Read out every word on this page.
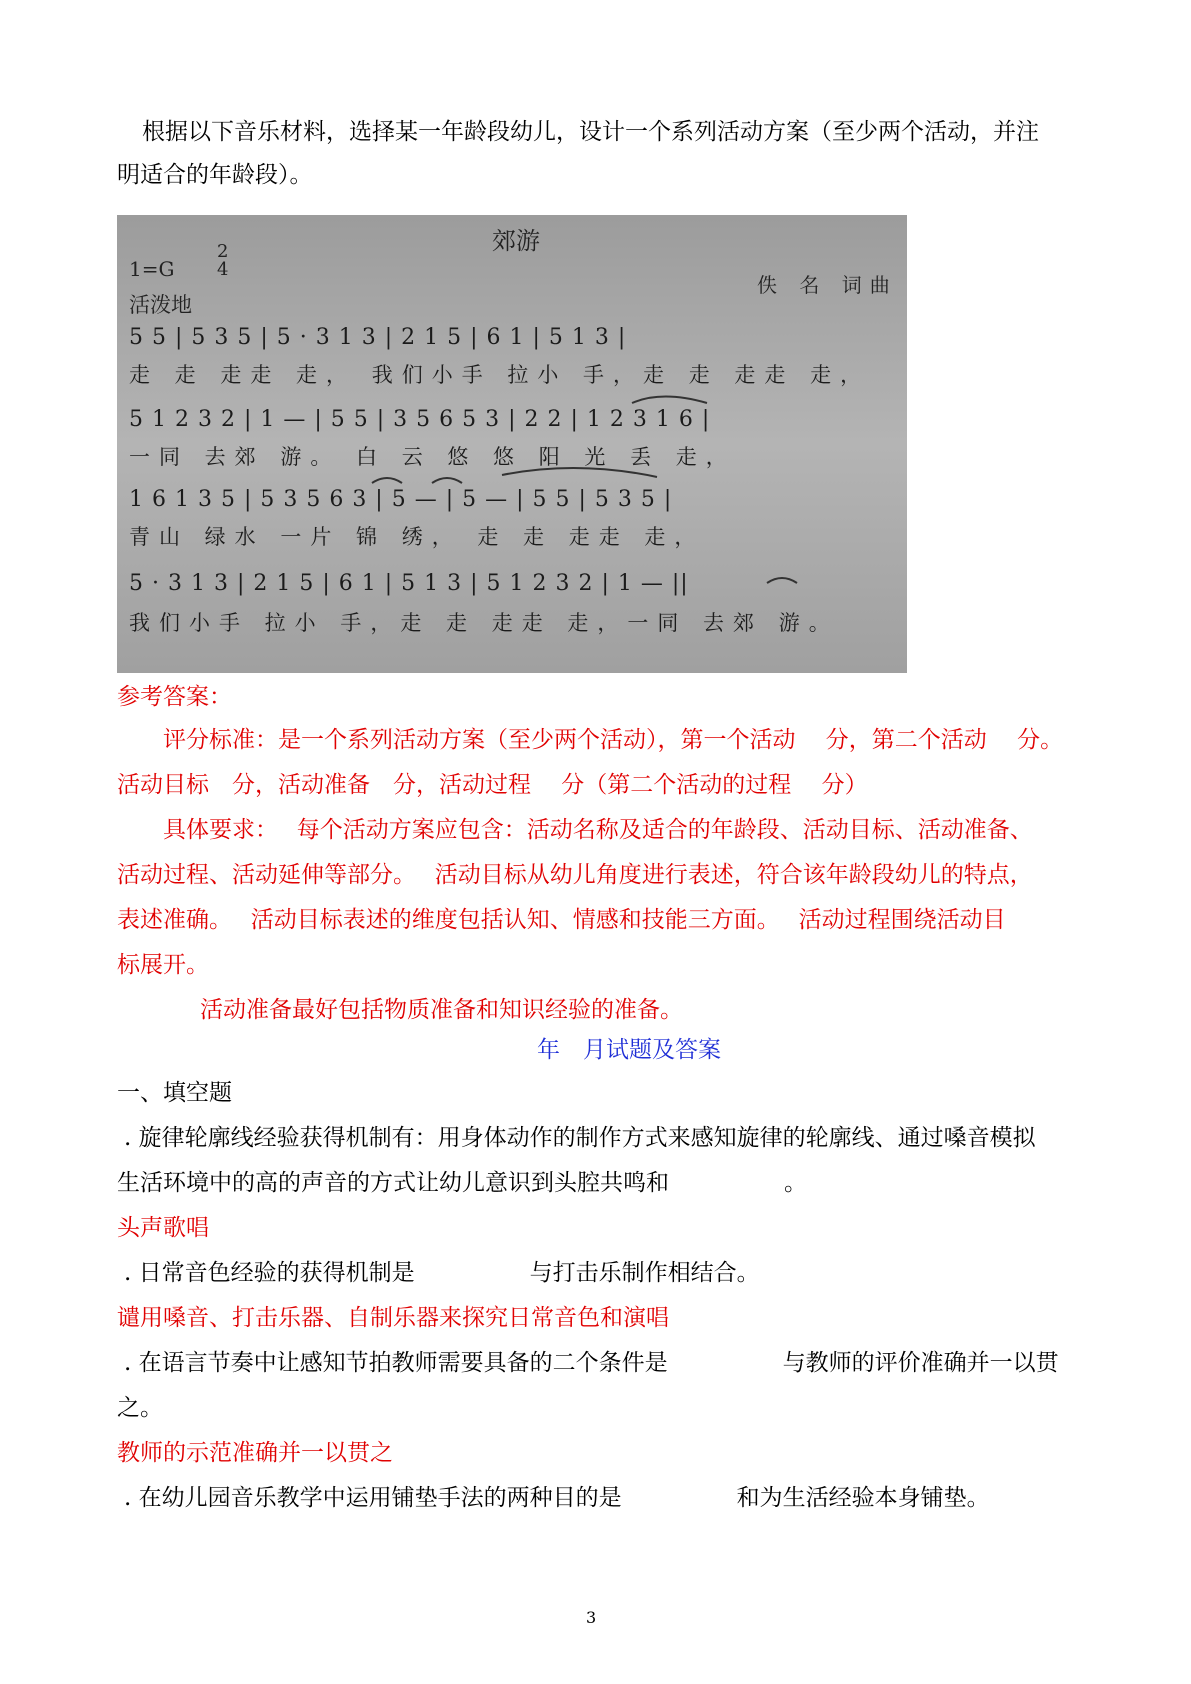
根据以下音乐材料，选择某一年龄段幼儿，设计一个系列活动方案（至少两个活动，并注
明适合的年龄段）。
郊游
1=G
2
4
活泼地
佚 名 词曲
5 5 | 5 3 5 | 5 · 3 1 3 | 2 1 5 | 6 1 | 5 1 3 |
走 走 走走 走， 我们小手 拉小 手，走 走 走走 走，
5 1 2 3 2 | 1 — | 5 5 | 3 5 6 5 3 | 2 2 | 1 2 3 1 6 |
一同 去郊 游。 白 云 悠 悠 阳 光 丢 走，
1 6 1 3 5 | 5 3 5 6 3 | 5 — | 5 — | 5 5 | 5 3 5 |
青山 绿水 一片 锦 绣， 走 走 走走 走，
5 · 3 1 3 | 2 1 5 | 6 1 | 5 1 3 | 5 1 2 3 2 | 1 — ||
我们小手 拉小 手，走 走 走走 走，一同 去郊 游。
参考答案：
评分标准：是一个系列活动方案（至少两个活动），第一个活动　 分，第二个活动　 分。
活动目标　分，活动准备　分，活动过程　 分（第二个活动的过程　 分）
具体要求：　 每个活动方案应包含：活动名称及适合的年龄段、活动目标、活动准备、
活动过程、活动延伸等部分。　 活动目标从幼儿角度进行表述，符合该年龄段幼儿的特点，
表述准确。　 活动目标表述的维度包括认知、情感和技能三方面。　 活动过程围绕活动目
标展开。
活动准备最好包括物质准备和知识经验的准备。
年　月试题及答案
一、填空题
. 旋律轮廓线经验获得机制有：用身体动作的制作方式来感知旋律的轮廓线、通过嗓音模拟
生活环境中的高的声音的方式让幼儿意识到头腔共鸣和　　　　　。
头声歌唱
. 日常音色经验的获得机制是　　　　　与打击乐制作相结合。
谴用嗓音、打击乐器、自制乐器来探究日常音色和演唱
. 在语言节奏中让感知节拍教师需要具备的二个条件是　　　　　与教师的评价准确并一以贯
之。
教师的示范准确并一以贯之
. 在幼儿园音乐教学中运用铺垫手法的两种目的是　　　　　和为生活经验本身铺垫。
3
